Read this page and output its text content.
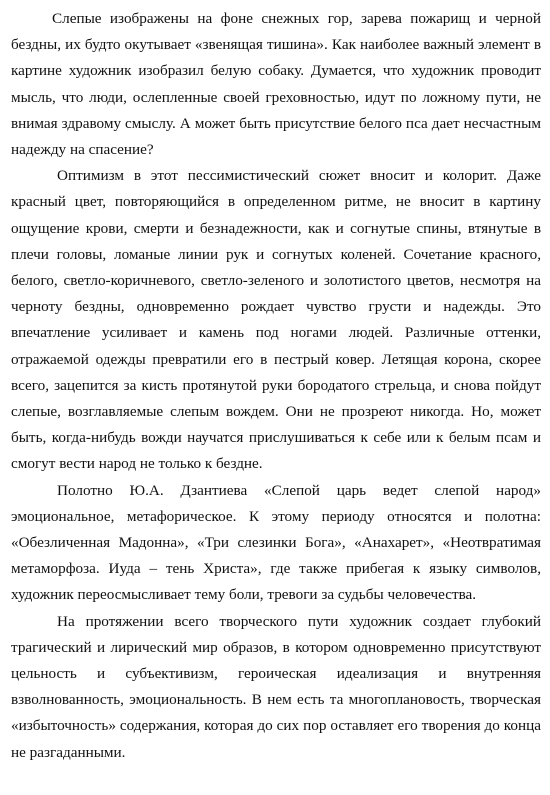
Слепые изображены на фоне снежных гор, зарева пожарищ и черной бездны, их будто окутывает «звенящая тишина». Как наиболее важный элемент в картине художник изобразил белую собаку. Думается, что художник проводит мысль, что люди, ослепленные своей греховностью, идут по ложному пути, не внимая здравому смыслу. А может быть присутствие белого пса дает несчастным надежду на спасение?

Оптимизм в этот пессимистический сюжет вносит и колорит. Даже красный цвет, повторяющийся в определенном ритме, не вносит в картину ощущение крови, смерти и безнадежности, как и согнутые спины, втянутые в плечи головы, ломаные линии рук и согнутых коленей. Сочетание красного, белого, светло-коричневого, светло-зеленого и золотистого цветов, несмотря на черноту бездны, одновременно рождает чувство грусти и надежды. Это впечатление усиливает и камень под ногами людей. Различные оттенки, отражаемой одежды превратили его в пестрый ковер. Летящая корона, скорее всего, зацепится за кисть протянутой руки бородатого стрельца, и снова пойдут слепые, возглавляемые слепым вождем. Они не прозреют никогда. Но, может быть, когда-нибудь вожди научатся прислушиваться к себе или к белым псам и смогут вести народ не только к бездне.

Полотно Ю.А. Дзантиева «Слепой царь ведет слепой народ» эмоциональное, метафорическое. К этому периоду относятся и полотна: «Обезличенная Мадонна», «Три слезинки Бога», «Анахарет», «Неотвратимая метаморфоза. Иуда – тень Христа», где также прибегая к языку символов, художник переосмысливает тему боли, тревоги за судьбы человечества.

На протяжении всего творческого пути художник создает глубокий трагический и лирический мир образов, в котором одновременно присутствуют цельность и субъективизм, героическая идеализация и внутренняя взволнованность, эмоциональность. В нем есть та многоплановость, творческая «избыточность» содержания, которая до сих пор оставляет его творения до конца не разгаданными.
